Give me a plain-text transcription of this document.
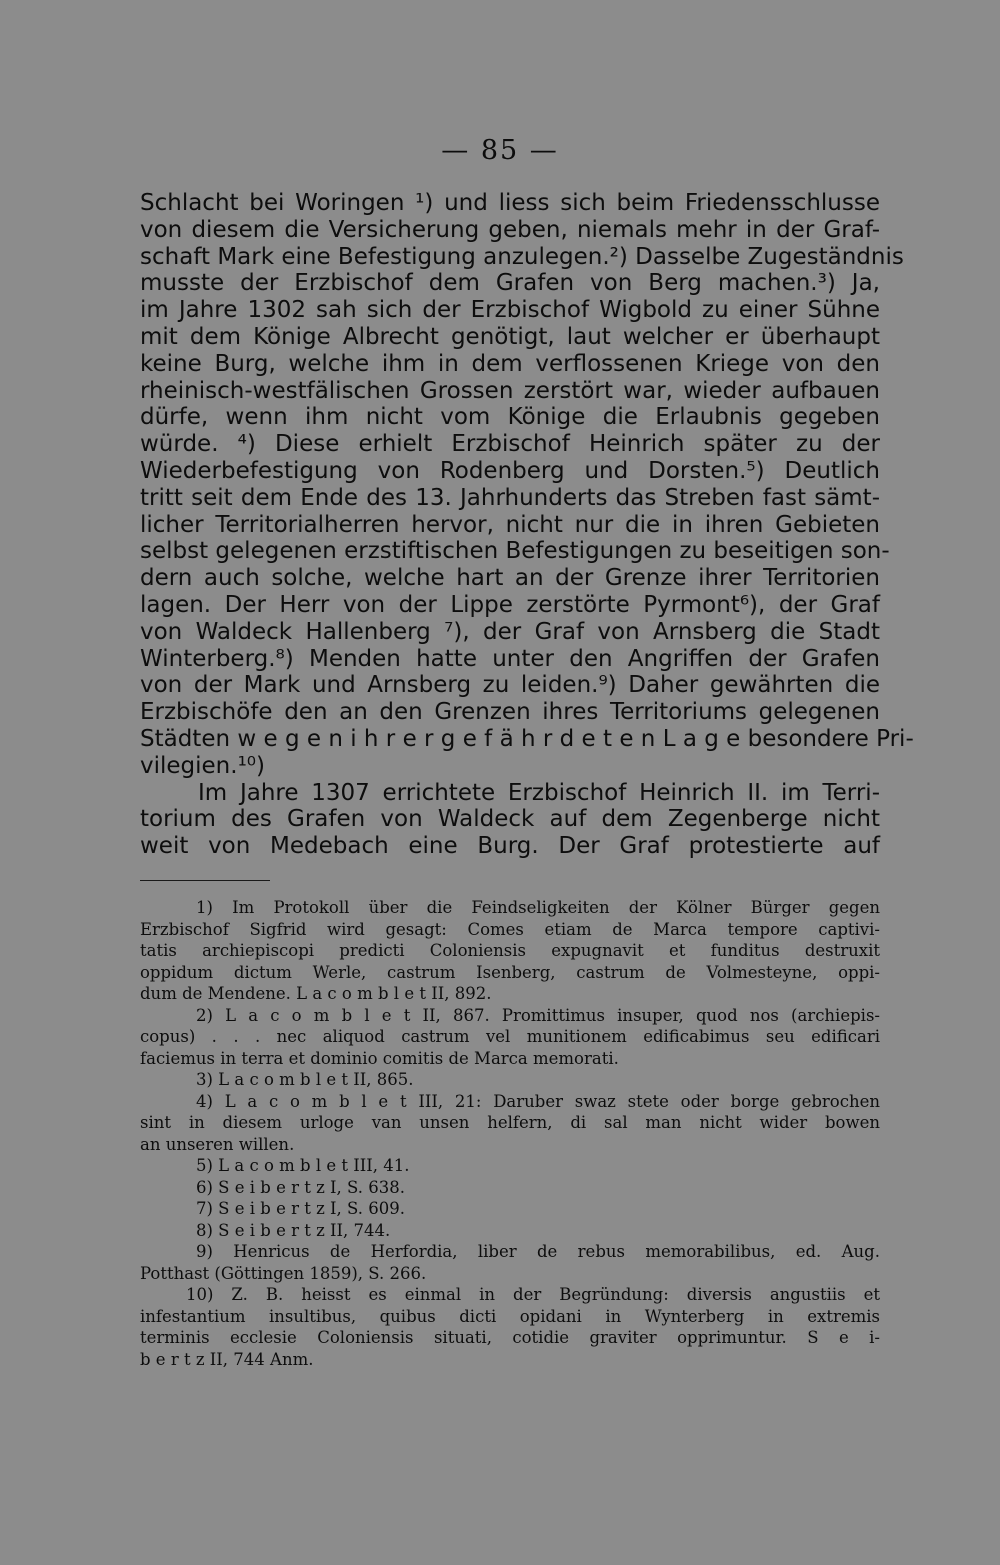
— 85 —
Schlacht bei Woringen ¹) und liess sich beim Friedensschlusse
von diesem die Versicherung geben, niemals mehr in der Graf-
schaft Mark eine Befestigung anzulegen.²) Dasselbe Zugeständnis
musste der Erzbischof dem Grafen von Berg machen.³) Ja,
im Jahre 1302 sah sich der Erzbischof Wigbold zu einer Sühne
mit dem Könige Albrecht genötigt, laut welcher er überhaupt
keine Burg, welche ihm in dem verflossenen Kriege von den
rheinisch-westfälischen Grossen zerstört war, wieder aufbauen
dürfe, wenn ihm nicht vom Könige die Erlaubnis gegeben
würde. ⁴) Diese erhielt Erzbischof Heinrich später zu der
Wiederbefestigung von Rodenberg und Dorsten.⁵) Deutlich
tritt seit dem Ende des 13. Jahrhunderts das Streben fast sämt-
licher Territorialherren hervor, nicht nur die in ihren Gebieten
selbst gelegenen erzstiftischen Befestigungen zu beseitigen son-
dern auch solche, welche hart an der Grenze ihrer Territorien
lagen. Der Herr von der Lippe zerstörte Pyrmont⁶), der Graf
von Waldeck Hallenberg ⁷), der Graf von Arnsberg die Stadt
Winterberg.⁸) Menden hatte unter den Angriffen der Grafen
von der Mark und Arnsberg zu leiden.⁹) Daher gewährten die
Erzbischöfe den an den Grenzen ihres Territoriums gelegenen
Städten w e g e n i h r e r g e f ä h r d e t e n L a g e besondere Pri-
vilegien.¹⁰)
Im Jahre 1307 errichtete Erzbischof Heinrich II. im Terri-
torium des Grafen von Waldeck auf dem Zegenberge nicht
weit von Medebach eine Burg. Der Graf protestierte auf
1) Im Protokoll über die Feindseligkeiten der Kölner Bürger gegen
Erzbischof Sigfrid wird gesagt: Comes etiam de Marca tempore captivi-
tatis archiepiscopi predicti Coloniensis expugnavit et funditus destruxit
oppidum dictum Werle, castrum Isenberg, castrum de Volmesteyne, oppi-
dum de Mendene. L a c o m b l e t II, 892.
2) L a c o m b l e t II, 867. Promittimus insuper, quod nos (archiepis-
copus) . . . nec aliquod castrum vel munitionem edificabimus seu edificari
faciemus in terra et dominio comitis de Marca memorati.
3) L a c o m b l e t II, 865.
4) L a c o m b l e t III, 21: Daruber swaz stete oder borge gebrochen
sint in diesem urloge van unsen helfern, di sal man nicht wider bowen
an unseren willen.
5) L a c o m b l e t III, 41.
6) S e i b e r t z I, S. 638.
7) S e i b e r t z I, S. 609.
8) S e i b e r t z II, 744.
9) Henricus de Herfordia, liber de rebus memorabilibus, ed. Aug.
Potthast (Göttingen 1859), S. 266.
10) Z. B. heisst es einmal in der Begründung: diversis angustiis et
infestantium insultibus, quibus dicti opidani in Wynterberg in extremis
terminis ecclesie Coloniensis situati, cotidie graviter opprimuntur. S e i-
b e r t z II, 744 Anm.
